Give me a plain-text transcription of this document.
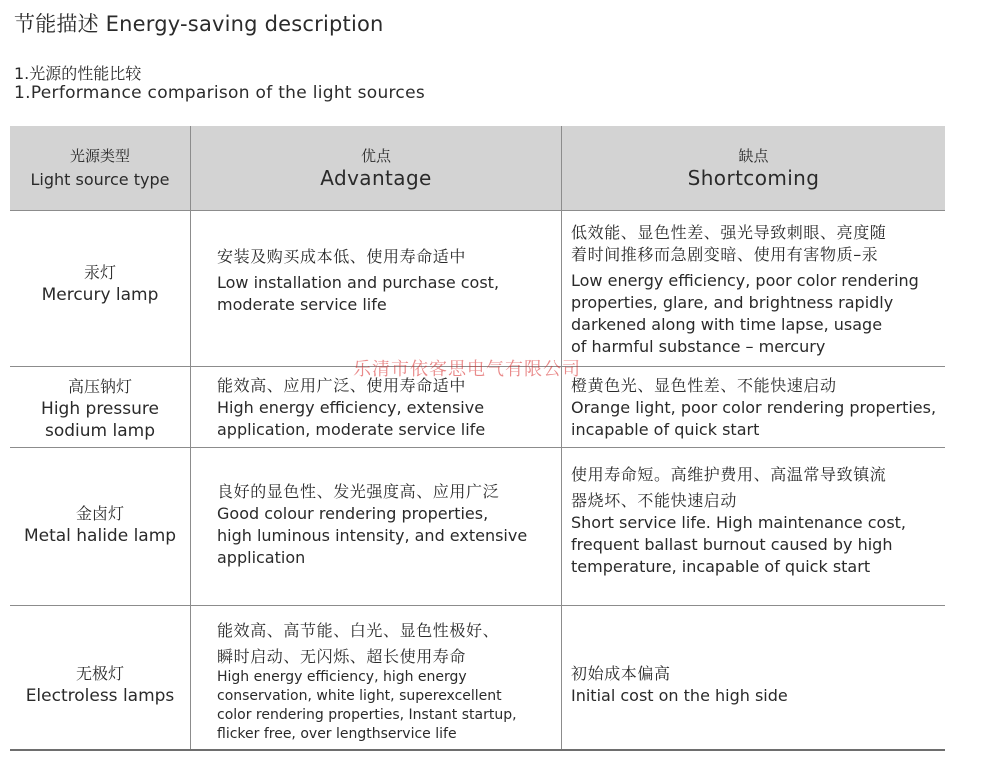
节能描述 Energy-saving description
1.光源的性能比较
1.Performance comparison of the light sources
光源类型
Light source type
优点
Advantage
缺点
Shortcoming
汞灯
Mercury lamp
安装及购买成本低、使用寿命适中
Low installation and purchase cost,
moderate service life
低效能、显色性差、强光导致刺眼、亮度随
着时间推移而急剧变暗、使用有害物质–汞
Low energy efficiency, poor color rendering
properties, glare, and brightness rapidly
darkened along with time lapse, usage
of harmful substance – mercury
高压钠灯
High pressure
sodium lamp
能效高、应用广泛、使用寿命适中
High energy efficiency, extensive
application, moderate service life
橙黄色光、显色性差、不能快速启动
Orange light, poor color rendering properties,
incapable of quick start
金卤灯
Metal halide lamp
良好的显色性、发光强度高、应用广泛
Good colour rendering properties,
high luminous intensity, and extensive
application
使用寿命短。高维护费用、高温常导致镇流
器烧坏、不能快速启动
Short service life. High maintenance cost,
frequent ballast burnout caused by high
temperature, incapable of quick start
无极灯
Electroless lamps
能效高、高节能、白光、显色性极好、
瞬时启动、无闪烁、超长使用寿命
High energy efficiency, high energy
conservation, white light, superexcellent
color rendering properties, Instant startup,
flicker free, over lengthservice life
初始成本偏高
Initial cost on the high side
乐清市依客思电气有限公司
